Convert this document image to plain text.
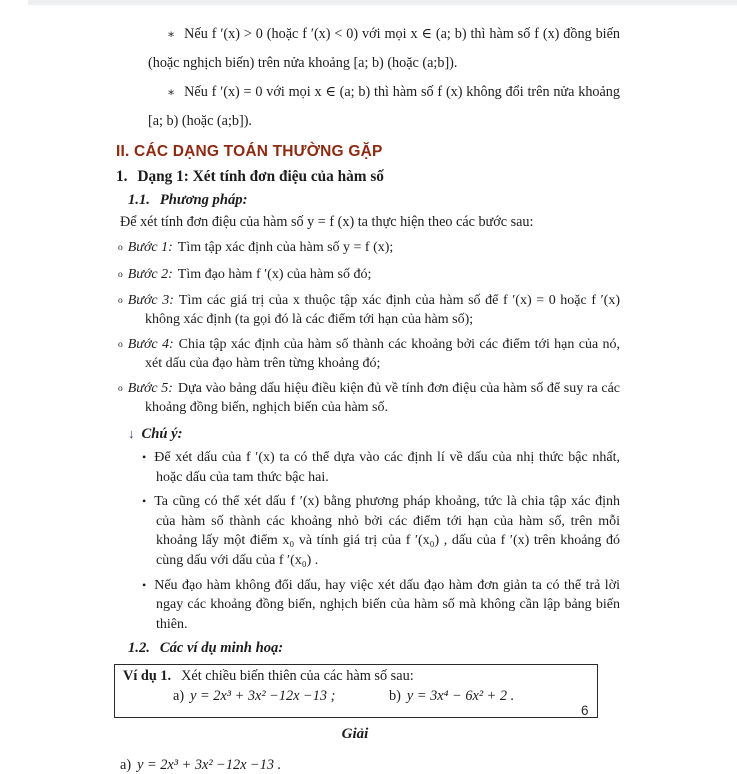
∗ Nếu f ′(x) > 0 (hoặc f ′(x) < 0) với mọi x ∈ (a; b) thì hàm số f (x) đồng biến (hoặc nghịch biến) trên nửa khoảng [a; b) (hoặc (a;b]).

∗ Nếu f ′(x) = 0 với mọi x ∈ (a; b) thì hàm số f (x) không đổi trên nửa khoảng [a; b) (hoặc (a;b]).

II. CÁC DẠNG TOÁN THƯỜNG GẶP
1. Dạng 1: Xét tính đơn điệu của hàm số
1.1. Phương pháp:
Để xét tính đơn điệu của hàm số y = f (x) ta thực hiện theo các bước sau:
o Bước 1: Tìm tập xác định của hàm số y = f (x);
o Bước 2: Tìm đạo hàm f ′(x) của hàm số đó;
o Bước 3: Tìm các giá trị của x thuộc tập xác định của hàm số để f ′(x) = 0 hoặc f ′(x) không xác định (ta gọi đó là các điểm tới hạn của hàm số);
o Bước 4: Chia tập xác định của hàm số thành các khoảng bởi các điểm tới hạn của nó, xét dấu của đạo hàm trên từng khoảng đó;
o Bước 5: Dựa vào bảng dấu hiệu điều kiện đủ về tính đơn điệu của hàm số để suy ra các khoảng đồng biến, nghịch biến của hàm số.
↓ Chú ý:
• Để xét dấu của f ′(x) ta có thể dựa vào các định lí về dấu của nhị thức bậc nhất, hoặc dấu của tam thức bậc hai.
• Ta cũng có thể xét dấu f ′(x) bằng phương pháp khoảng, tức là chia tập xác định của hàm số thành các khoảng nhỏ bởi các điểm tới hạn của hàm số, trên mỗi khoảng lấy một điểm x₀ và tính giá trị của f ′(x₀) , dấu của f ′(x) trên khoảng đó cùng dấu với dấu của f ′(x₀) .
• Nếu đạo hàm không đổi dấu, hay việc xét dấu đạo hàm đơn giản ta có thể trả lời ngay các khoảng đồng biến, nghịch biến của hàm số mà không cần lập bảng biến thiên.
1.2. Các ví dụ minh hoạ:
Ví dụ 1. Xét chiều biến thiên của các hàm số sau:
a) y = 2x³ + 3x² −12x −13 ;	b) y = 3x⁴ − 6x² + 2 .
Giải
a) y = 2x³ + 3x² −12x −13 .
6
